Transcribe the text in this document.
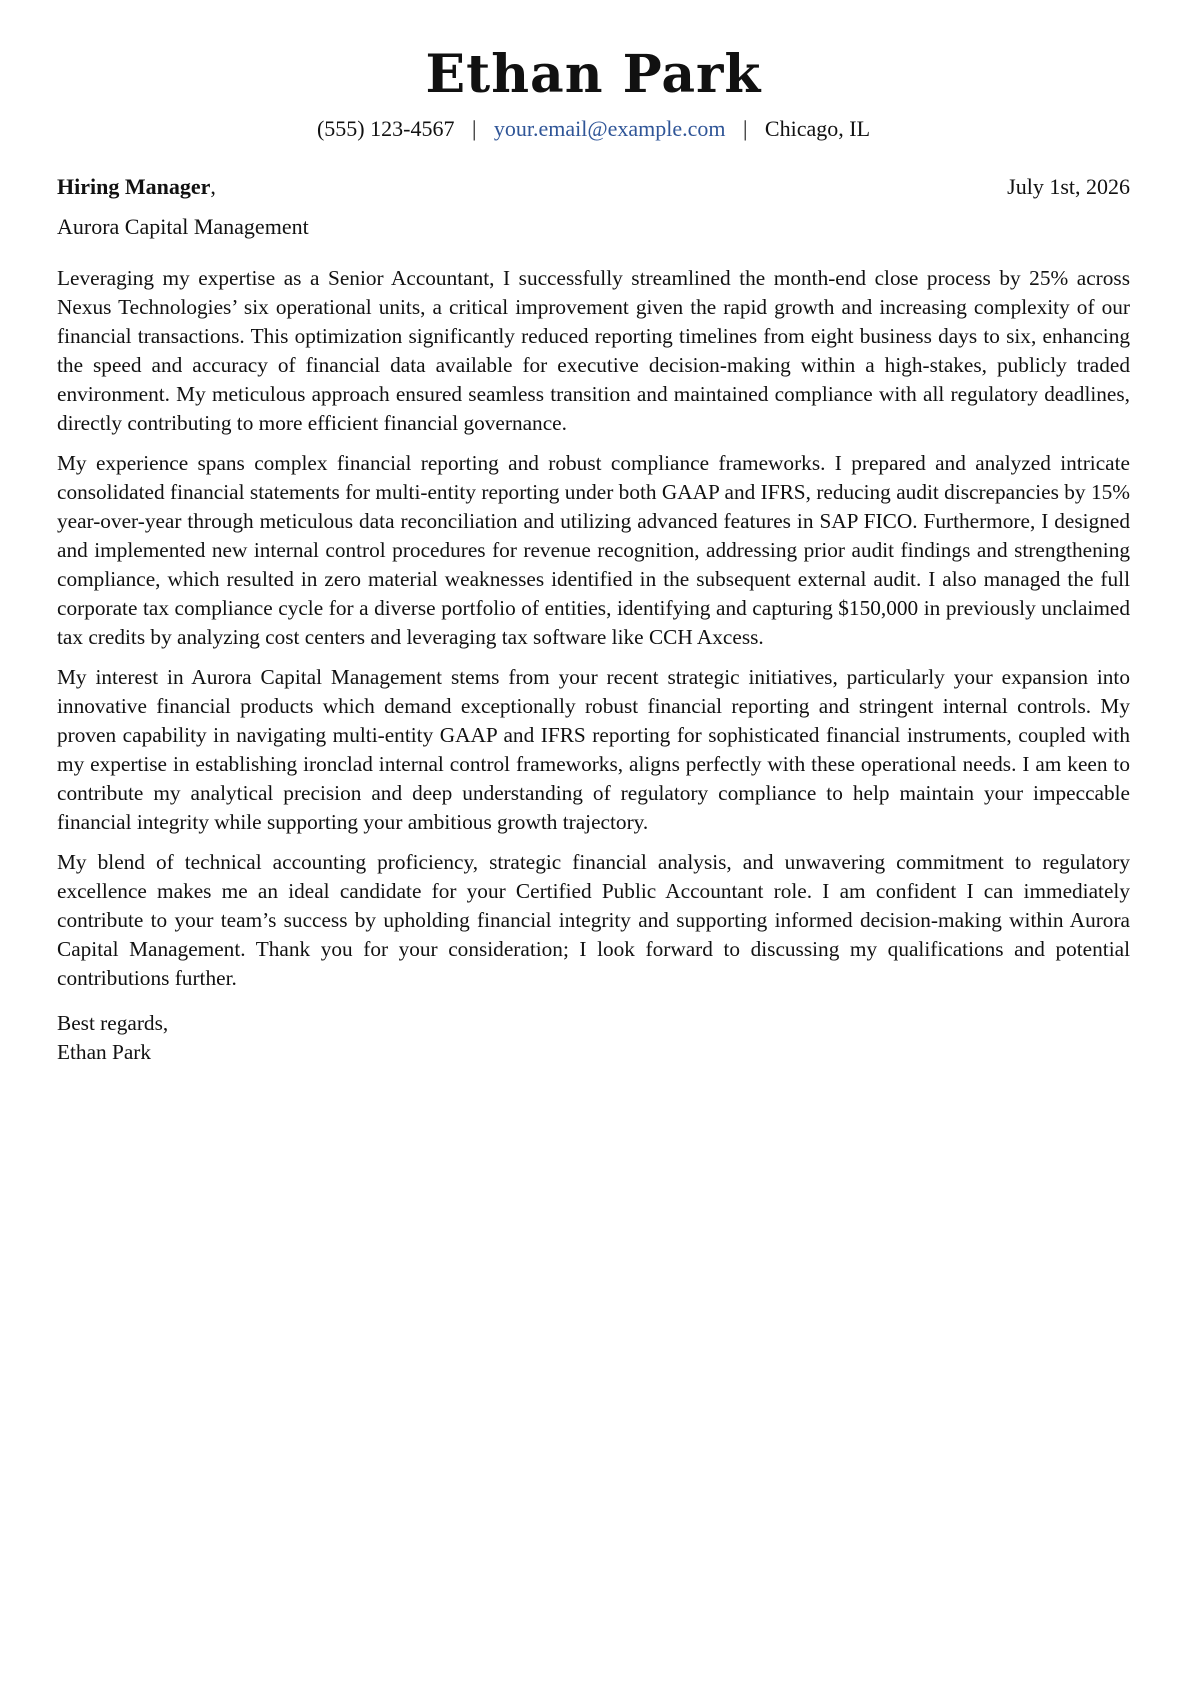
Ethan Park
(555) 123-4567 | your.email@example.com | Chicago, IL
Hiring Manager,	July 1st, 2026
Aurora Capital Management

Leveraging my expertise as a Senior Accountant, I successfully streamlined the month-end close process by 25% across Nexus Technologies’ six operational units, a critical improvement given the rapid growth and increasing complexity of our financial transactions. This optimization significantly reduced reporting timelines from eight business days to six, enhancing the speed and accuracy of financial data available for executive decision-making within a high-stakes, publicly traded environment. My meticulous approach ensured seamless transition and maintained compliance with all regulatory deadlines, directly contributing to more efficient financial governance.

My experience spans complex financial reporting and robust compliance frameworks. I prepared and analyzed intricate consolidated financial statements for multi-entity reporting under both GAAP and IFRS, reducing audit discrepancies by 15% year-over-year through meticulous data reconciliation and utilizing advanced features in SAP FICO. Furthermore, I designed and implemented new internal control procedures for revenue recognition, addressing prior audit findings and strengthening compliance, which resulted in zero material weaknesses identified in the subsequent external audit. I also managed the full corporate tax compliance cycle for a diverse portfolio of entities, identifying and capturing $150,000 in previously unclaimed tax credits by analyzing cost centers and leveraging tax software like CCH Axcess.

My interest in Aurora Capital Management stems from your recent strategic initiatives, particularly your expansion into innovative financial products which demand exceptionally robust financial reporting and stringent internal controls. My proven capability in navigating multi-entity GAAP and IFRS reporting for sophisticated financial instruments, coupled with my expertise in establishing ironclad internal control frameworks, aligns perfectly with these operational needs. I am keen to contribute my analytical precision and deep understanding of regulatory compliance to help maintain your impeccable financial integrity while supporting your ambitious growth trajectory.

My blend of technical accounting proficiency, strategic financial analysis, and unwavering commitment to regulatory excellence makes me an ideal candidate for your Certified Public Accountant role. I am confident I can immediately contribute to your team’s success by upholding financial integrity and supporting informed decision-making within Aurora Capital Management. Thank you for your consideration; I look forward to discussing my qualifications and potential contributions further.

Best regards,
Ethan Park
